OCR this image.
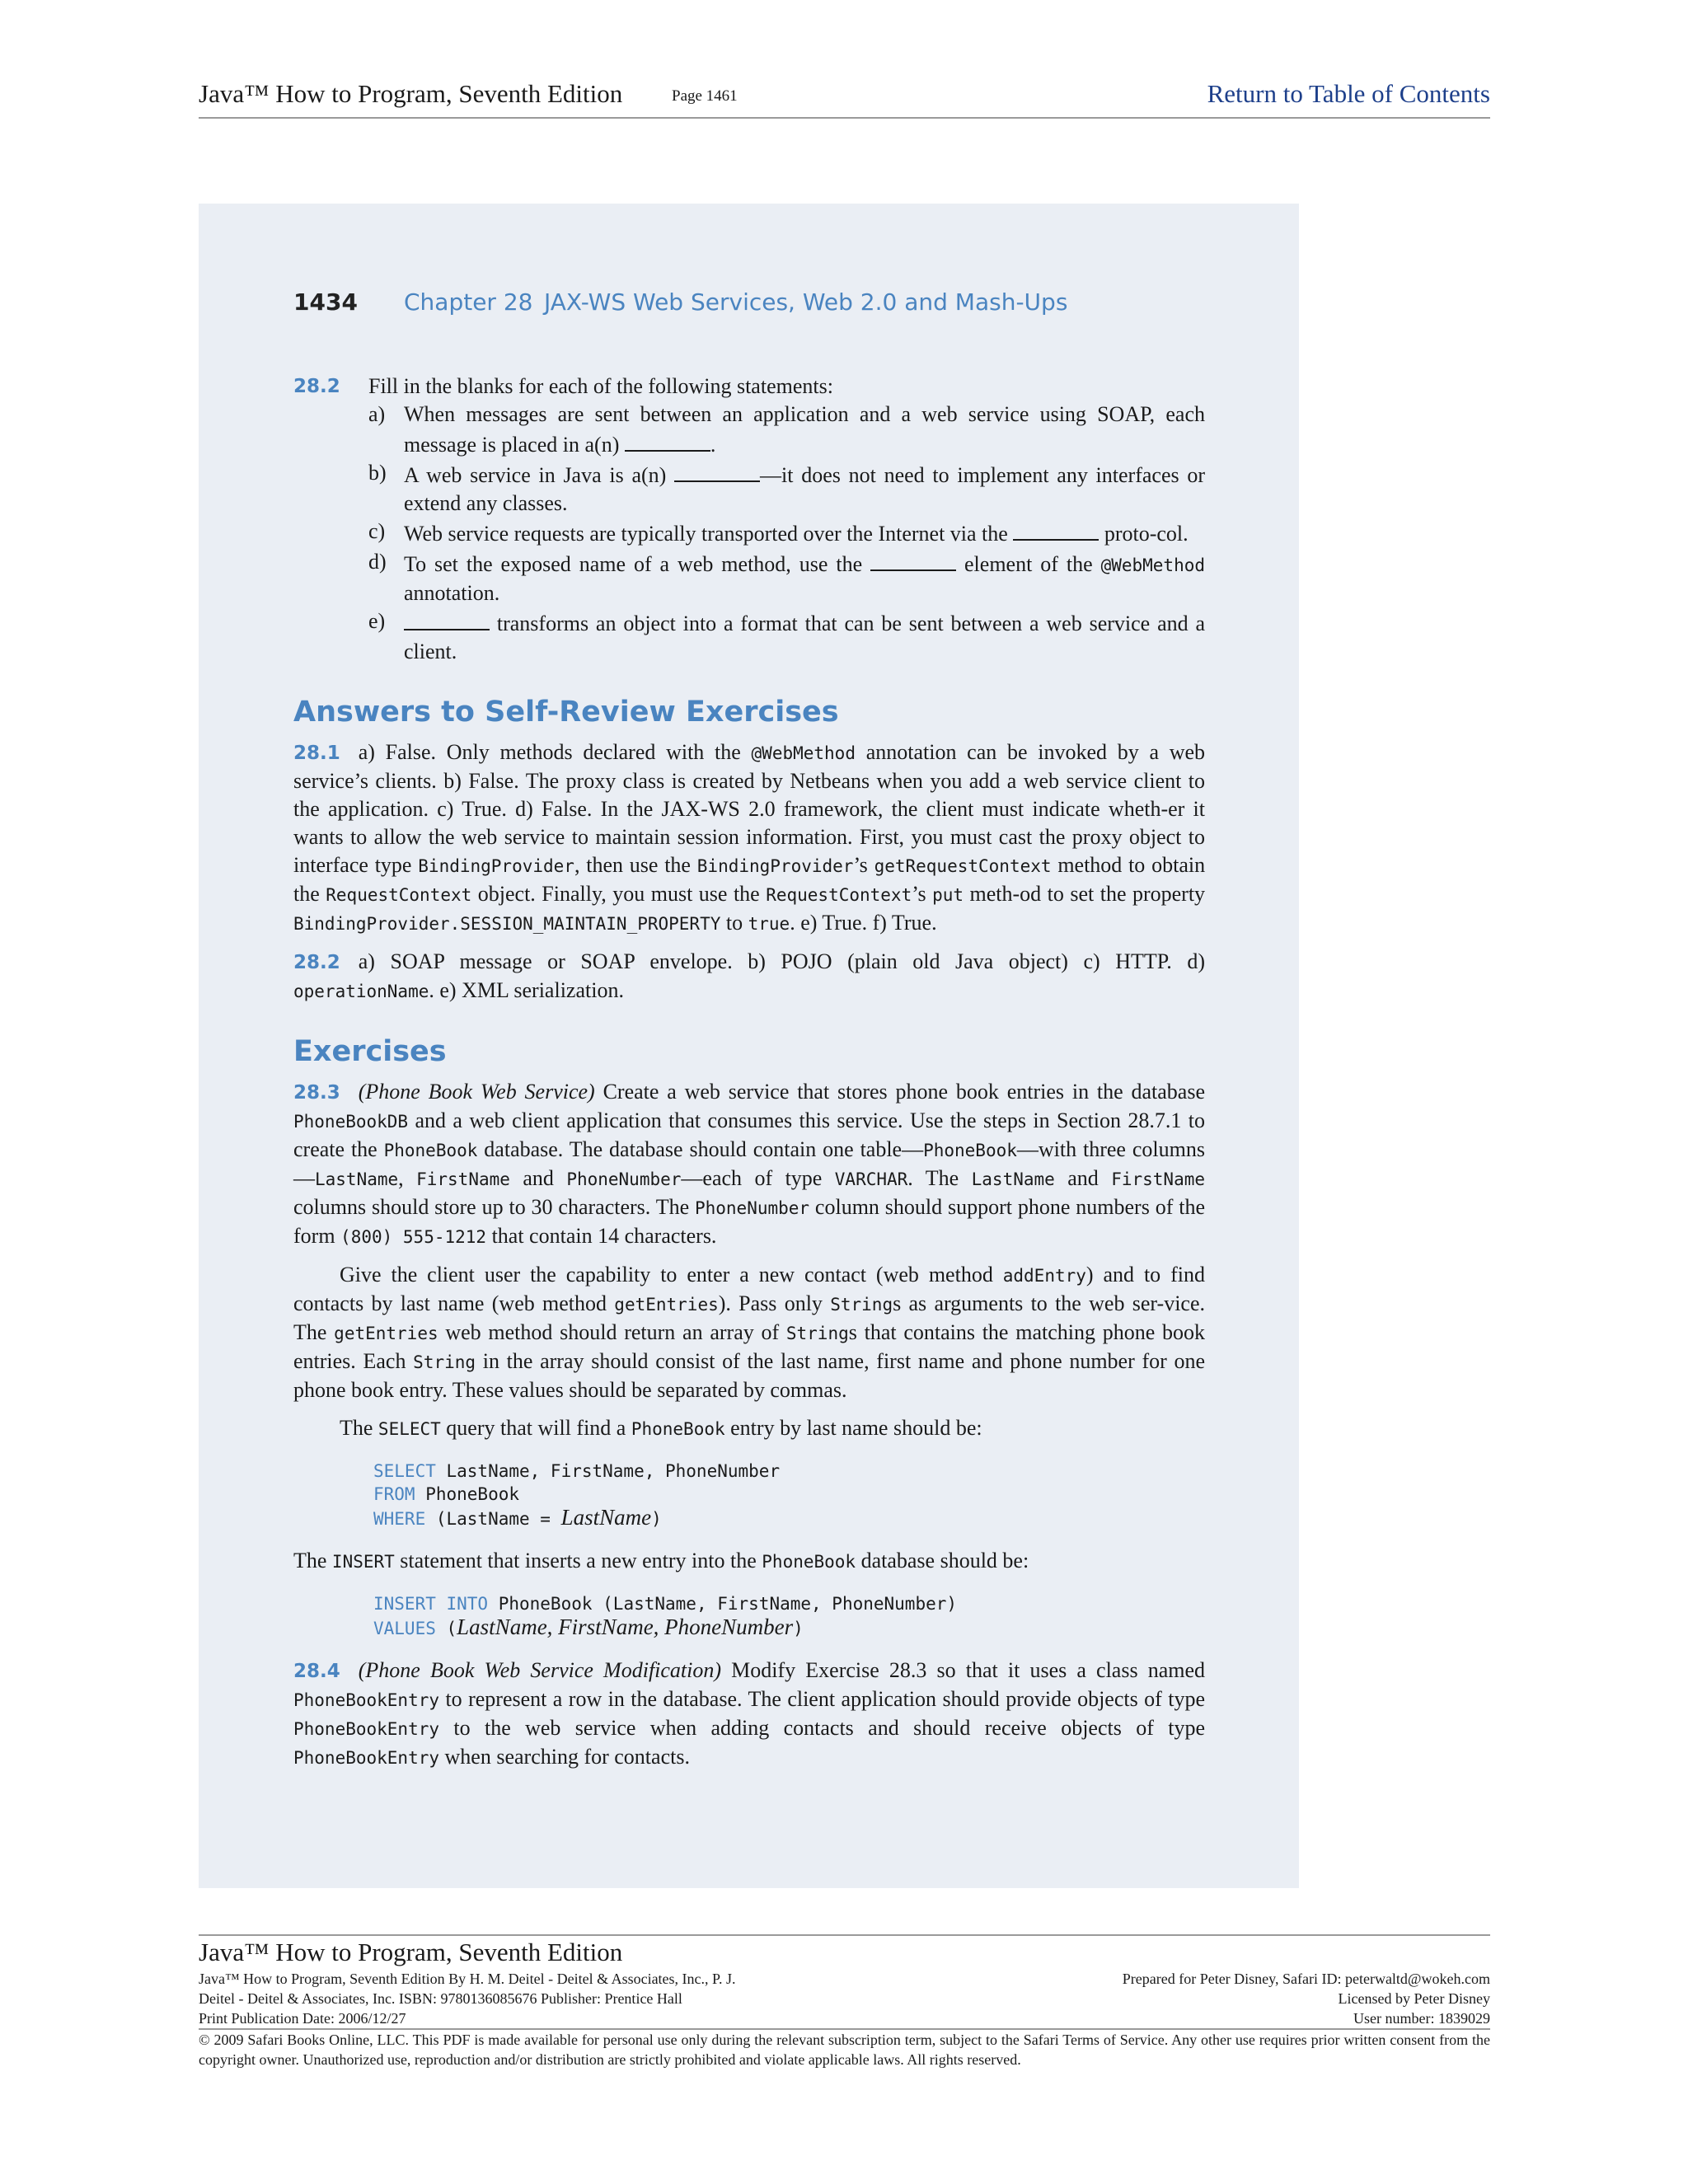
Java™ How to Program, Seventh Edition	Page 1461	Return to Table of Contents
1434 Chapter 28 JAX-WS Web Services, Web 2.0 and Mash-Ups
28.2 Fill in the blanks for each of the following statements:
a) When messages are sent between an application and a web service using SOAP, each message is placed in a(n)	.
b) A web service in Java is a(n)	—it does not need to implement any interfaces or extend any classes.
c) Web service requests are typically transported over the Internet via the	proto-col.
d) To set the exposed name of a web method, use the	element of the @WebMethod annotation.
e)	transforms an object into a format that can be sent between a web service and a client.
Answers to Self-Review Exercises

28.1 a) False. Only methods declared with the @WebMethod annotation can be invoked by a web service’s clients. b) False. The proxy class is created by Netbeans when you add a web service client to the application. c) True. d) False. In the JAX-WS 2.0 framework, the client must indicate wheth-er it wants to allow the web service to maintain session information. First, you must cast the proxy object to interface type BindingProvider, then use the BindingProvider’s getRequestContext method to obtain the RequestContext object. Finally, you must use the RequestContext’s put meth-od to set the property BindingProvider.SESSION_MAINTAIN_PROPERTY to true. e) True. f) True.

28.2 a) SOAP message or SOAP envelope. b) POJO (plain old Java object) c) HTTP. d) operationName. e) XML serialization.

Exercises

28.3 (Phone Book Web Service) Create a web service that stores phone book entries in the database PhoneBookDB and a web client application that consumes this service. Use the steps in Section 28.7.1 to create the PhoneBook database. The database should contain one table—PhoneBook—with three columns—LastName, FirstName and PhoneNumber—each of type VARCHAR. The LastName and FirstName columns should store up to 30 characters. The PhoneNumber column should support phone numbers of the form (800) 555-1212 that contain 14 characters.

Give the client user the capability to enter a new contact (web method addEntry) and to find contacts by last name (web method getEntries). Pass only Strings as arguments to the web ser-vice. The getEntries web method should return an array of Strings that contains the matching phone book entries. Each String in the array should consist of the last name, first name and phone number for one phone book entry. These values should be separated by commas.

The SELECT query that will find a PhoneBook entry by last name should be:

SELECT LastName, FirstName, PhoneNumber
FROM PhoneBook
WHERE (LastName = LastName)

The INSERT statement that inserts a new entry into the PhoneBook database should be:

INSERT INTO PhoneBook (LastName, FirstName, PhoneNumber)
VALUES (LastName, FirstName, PhoneNumber)

28.4 (Phone Book Web Service Modification) Modify Exercise 28.3 so that it uses a class named PhoneBookEntry to represent a row in the database. The client application should provide objects of type PhoneBookEntry to the web service when adding contacts and should receive objects of type PhoneBookEntry when searching for contacts.

Java™ How to Program, Seventh Edition
Java™ How to Program, Seventh Edition By H. M. Deitel - Deitel & Associates, Inc., P. J.
Deitel - Deitel & Associates, Inc. ISBN: 9780136085676 Publisher: Prentice Hall
Print Publication Date: 2006/12/27
Prepared for Peter Disney, Safari ID: peterwaltd@wokeh.com
Licensed by Peter Disney
User number: 1839029
© 2009 Safari Books Online, LLC. This PDF is made available for personal use only during the relevant subscription term, subject to the Safari Terms of Service. Any other use requires prior written consent from the copyright owner. Unauthorized use, reproduction and/or distribution are strictly prohibited and violate applicable laws. All rights reserved.
